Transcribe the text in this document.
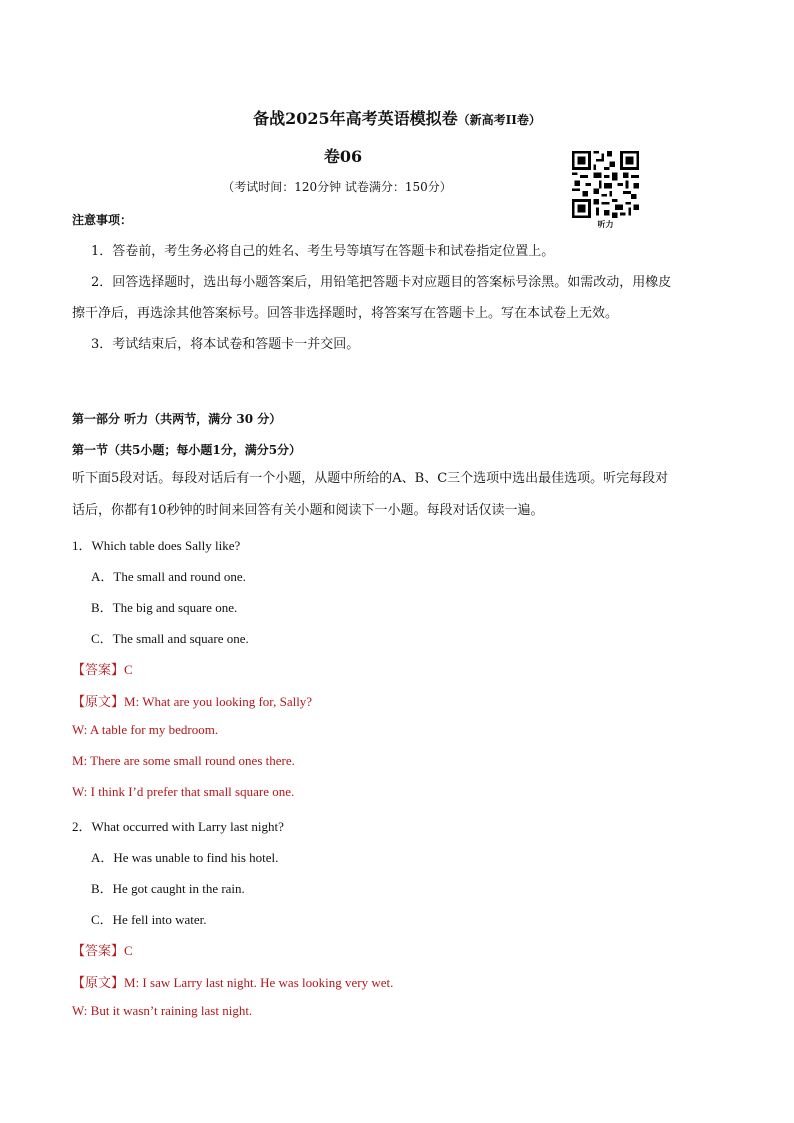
备战2025年高考英语模拟卷（新高考II卷）
卷06
（考试时间：120分钟 试卷满分：150分）
听力
注意事项：
1．答卷前，考生务必将自己的姓名、考生号等填写在答题卡和试卷指定位置上。
2．回答选择题时，选出每小题答案后，用铅笔把答题卡对应题目的答案标号涂黑。如需改动，用橡皮
擦干净后，再选涂其他答案标号。回答非选择题时，将答案写在答题卡上。写在本试卷上无效。
3．考试结束后，将本试卷和答题卡一并交回。
第一部分 听力（共两节，满分 30 分）
第一节（共5小题；每小题1分，满分5分）
听下面5段对话。每段对话后有一个小题，从题中所给的A、B、C三个选项中选出最佳选项。听完每段对
话后，你都有10秒钟的时间来回答有关小题和阅读下一小题。每段对话仅读一遍。
1．Which table does Sally like?
A．The small and round one.
B．The big and square one.
C．The small and square one.
【答案】C
【原文】M: What are you looking for, Sally?
W: A table for my bedroom.
M: There are some small round ones there.
W: I think I’d prefer that small square one.
2．What occurred with Larry last night?
A．He was unable to find his hotel.
B．He got caught in the rain.
C．He fell into water.
【答案】C
【原文】M: I saw Larry last night. He was looking very wet.
W: But it wasn’t raining last night.
